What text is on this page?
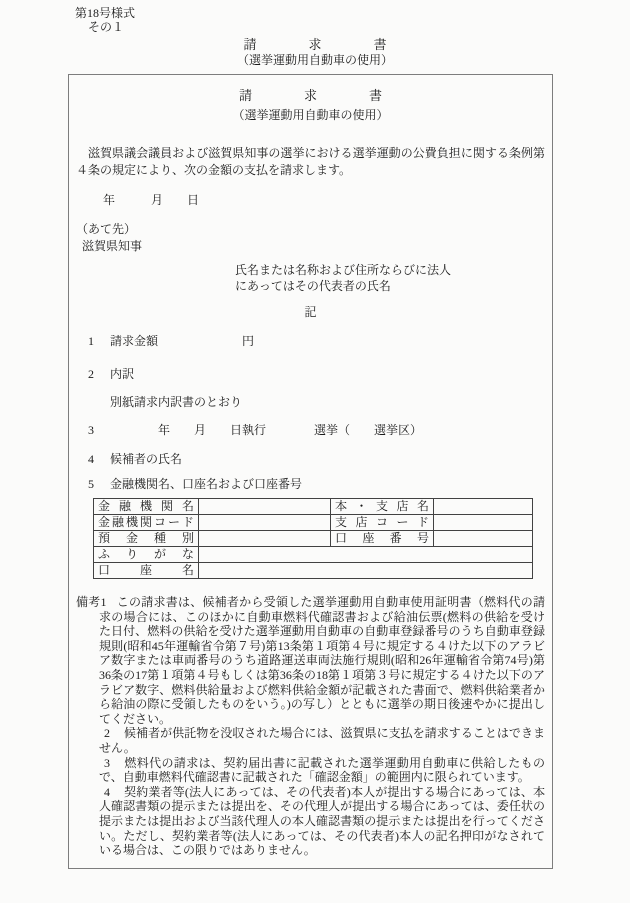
第18号様式
その１
請　　　　求　　　　書
（選挙運動用自動車の使用）
請　　　　求　　　　書
（選挙運動用自動車の使用）
滋賀県議会議員および滋賀県知事の選挙における選挙運動の公費負担に関する条例第４条の規定により、次の金額の支払を請求します。
年　　　月　　日
（あて先）
滋賀県知事
氏名または名称および住所ならびに法人
にあってはその代表者の氏名
記
1 請求金額　　　　　　　円
2 内訳
別紙請求内訳書のとおり
3　　　　年　　月　　日執行　　　　選挙（　　選挙区）
4 候補者の氏名
5 金融機関名、口座名および口座番号
金融機関名		本・支店名	
金融機関コード		支店コード	
預金種別		口座番号	
ふりがな			
口座名			
備考1 この請求書は、候補者から受領した選挙運動用自動車使用証明書（燃料代の請求の場合には、このほかに自動車燃料代確認書および給油伝票(燃料の供給を受けた日付、燃料の供給を受けた選挙運動用自動車の自動車登録番号のうち自動車登録規則(昭和45年運輸省令第７号)第13条第１項第４号に規定する４けた以下のアラビア数字または車両番号のうち道路運送車両法施行規則(昭和26年運輸省令第74号)第36条の17第１項第４号もしくは第36条の18第１項第３号に規定する４けた以下のアラビア数字、燃料供給量および燃料供給金額が記載された書面で、燃料供給業者から給油の際に受領したものをいう。)の写し）とともに選挙の期日後速やかに提出してください。
2 候補者が供託物を没収された場合には、滋賀県に支払を請求することはできません。
3 燃料代の請求は、契約届出書に記載された選挙運動用自動車に供給したもので、自動車燃料代確認書に記載された「確認金額」の範囲内に限られています。
4 契約業者等(法人にあっては、その代表者)本人が提出する場合にあっては、本人確認書類の提示または提出を、その代理人が提出する場合にあっては、委任状の提示または提出および当該代理人の本人確認書類の提示または提出を行ってください。ただし、契約業者等(法人にあっては、その代表者)本人の記名押印がなされている場合は、この限りではありません。
